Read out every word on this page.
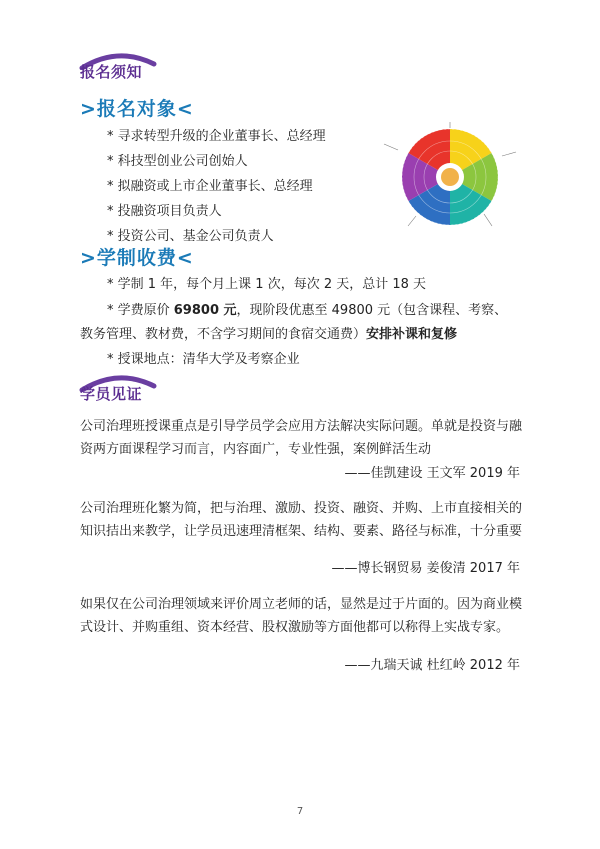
报名须知
>报名对象<
* 寻求转型升级的企业董事长、总经理
* 科技型创业公司创始人
* 拟融资或上市企业董事长、总经理
* 投融资项目负责人
* 投资公司、基金公司负责人
>学制收费<
* 学制 1 年，每个月上课 1 次，每次 2 天，总计 18 天
* 学费原价 69800 元，现阶段优惠至 49800 元（包含课程、考察、
教务管理、教材费，不含学习期间的食宿交通费）安排补课和复修
* 授课地点：清华大学及考察企业
学员见证
公司治理班授课重点是引导学员学会应用方法解决实际问题。单就是投资与融资两方面课程学习而言，内容面广，专业性强，案例鲜活生动
——佳凯建设 王文军 2019 年
公司治理班化繁为简，把与治理、激励、投资、融资、并购、上市直接相关的知识拮出来教学，让学员迅速理清框架、结构、要素、路径与标准，十分重要
——博长钢贸易 姜俊清 2017 年
如果仅在公司治理领域来评价周立老师的话，显然是过于片面的。因为商业模式设计、并购重组、资本经营、股权激励等方面他都可以称得上实战专家。
——九瑞天诚 杜红岭 2012 年
7
